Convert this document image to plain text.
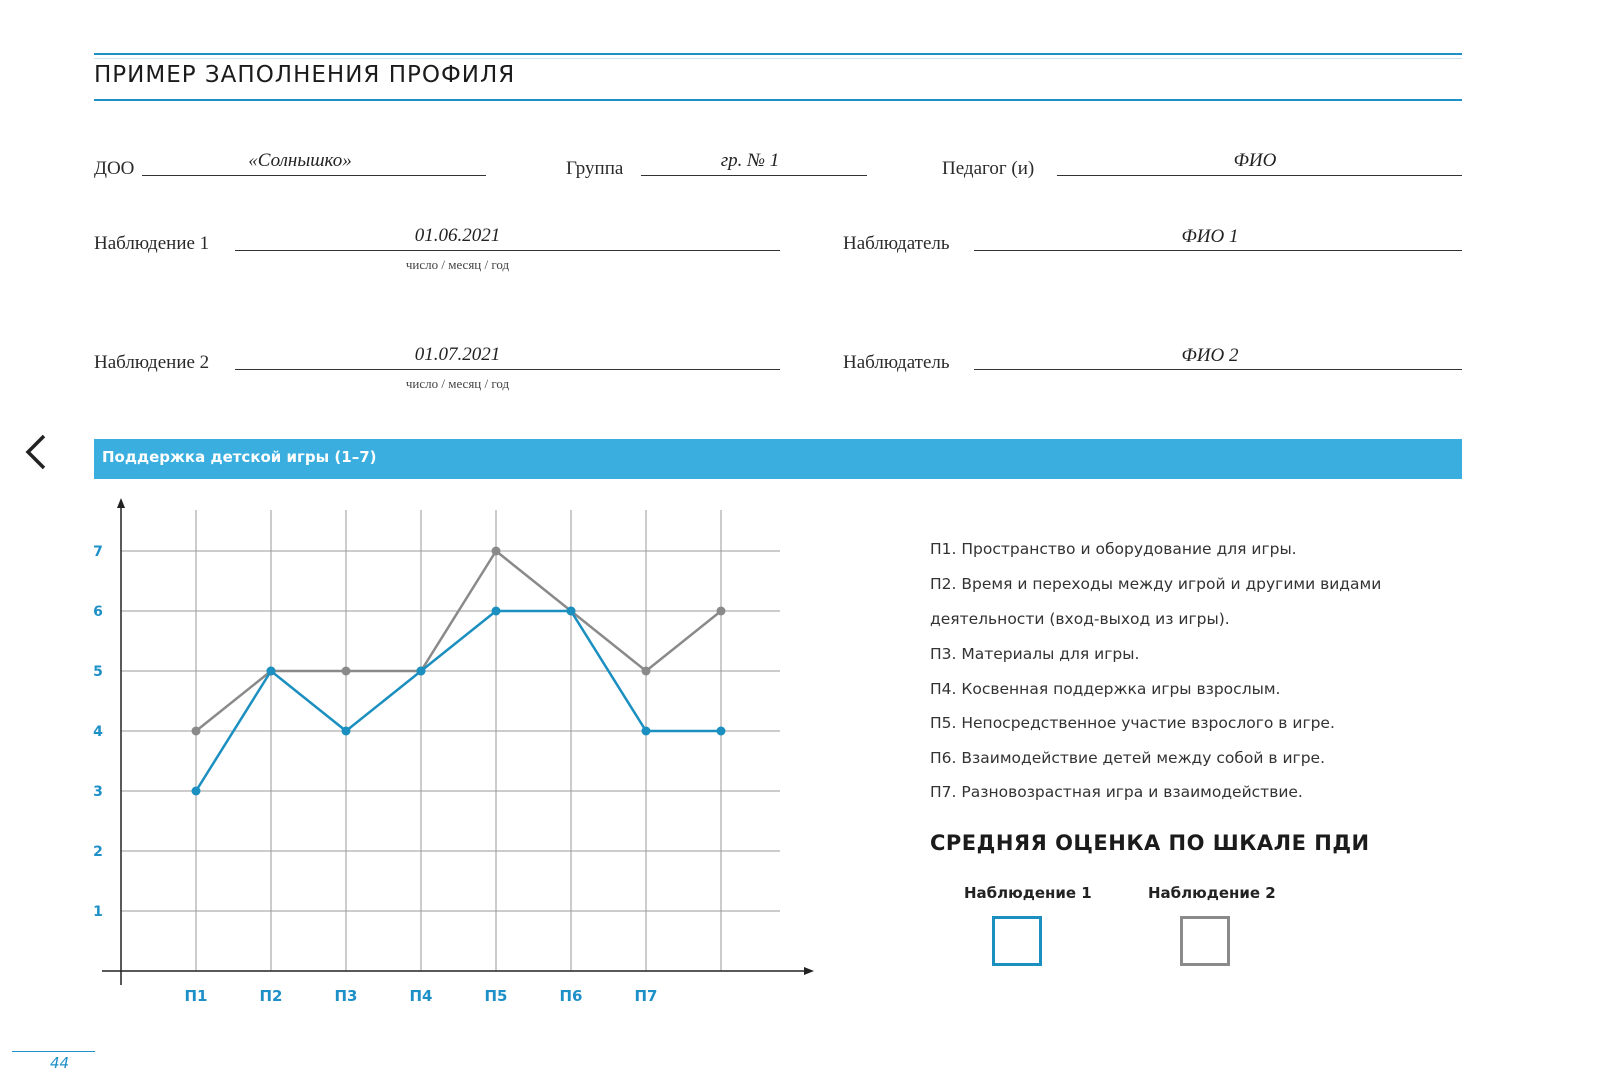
ПРИМЕР ЗАПОЛНЕНИЯ ПРОФИЛЯ
ДОО	«Солнышко»	Группа	гр. № 1	Педагог (и)	ФИО
Наблюдение 1	01.06.2021
число / месяц / год
Наблюдатель	ФИО 1
Наблюдение 2	01.07.2021
число / месяц / год
Наблюдатель	ФИО 2
Поддержка детской игры (1–7)
1
2
3
4
5
6
7
П1	П2	П3	П4	П5	П6	П7
П1. Пространство и оборудование для игры.
П2. Время и переходы между игрой и другими видами
деятельности (вход-выход из игры).
П3. Материалы для игры.
П4. Косвенная поддержка игры взрослым.
П5. Непосредственное участие взрослого в игре.
П6. Взаимодействие детей между собой в игре.
П7. Разновозрастная игра и взаимодействие.
СРЕДНЯЯ ОЦЕНКА ПО ШКАЛЕ ПДИ
Наблюдение 1	Наблюдение 2
44
